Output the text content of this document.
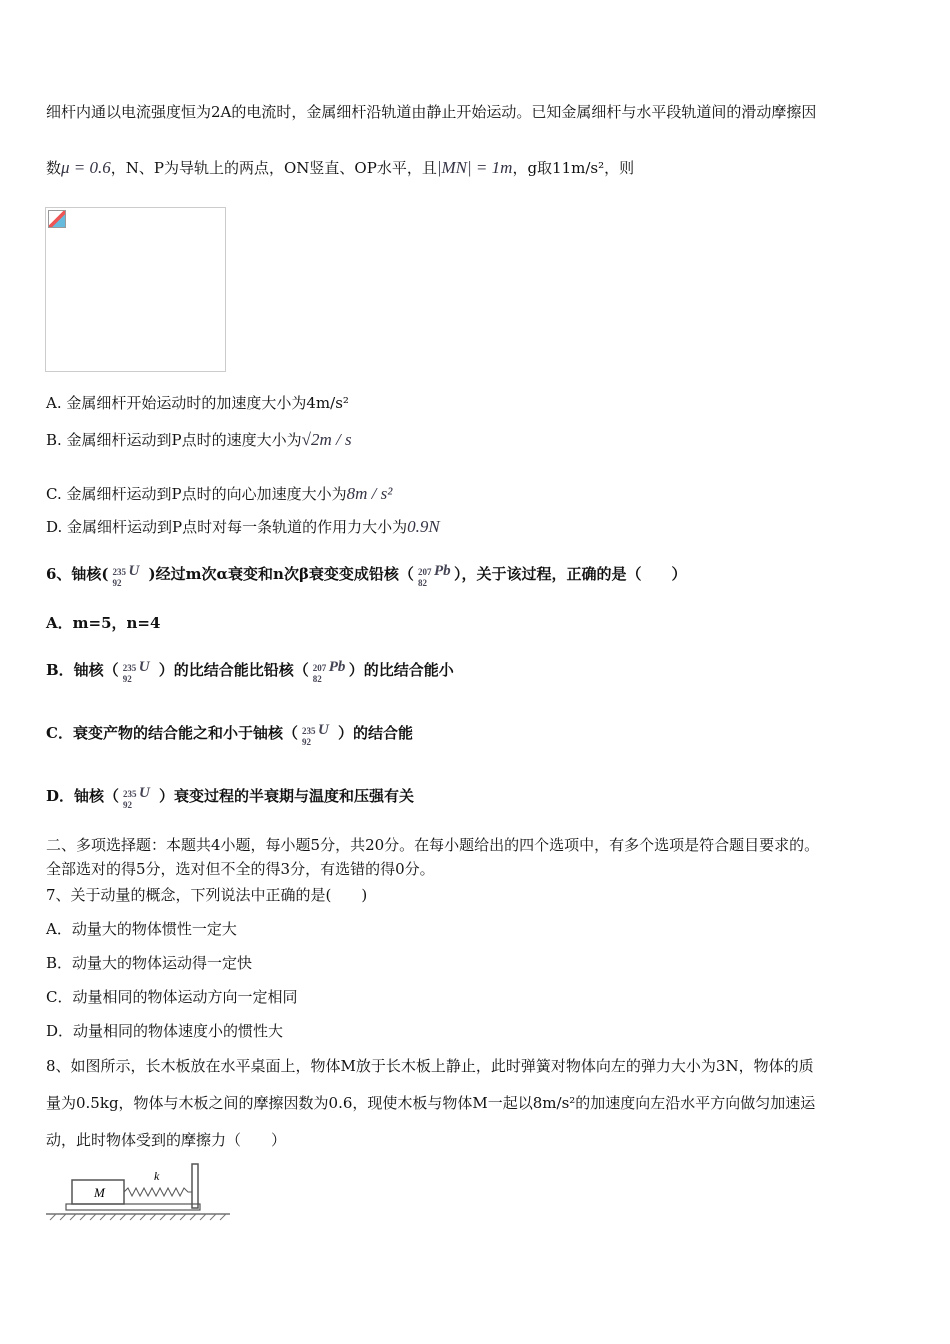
细杆内通以电流强度恒为2A的电流时，金属细杆沿轨道由静止开始运动。已知金属细杆与水平段轨道间的滑动摩擦因
数μ = 0.6，N、P为导轨上的两点，ON竖直、OP水平，且|MN| = 1m，g取11m/s²，则
A. 金属细杆开始运动时的加速度大小为4m/s²
B. 金属细杆运动到P点时的速度大小为√2m / s
C. 金属细杆运动到P点时的向心加速度大小为8m / s²
D. 金属细杆运动到P点时对每一条轨道的作用力大小为0.9N
6、铀核( 235
92
U )经过m次α衰变和n次β衰变变成铅核（ 207
82
Pb ），关于该过程，正确的是（　　）
A．m=5，n=4
B．铀核（ 235
92
U ）的比结合能比铅核（ 207
82
Pb ）的比结合能小
C．衰变产物的结合能之和小于铀核（ 235
92
U ）的结合能
D．铀核（ 235
92
U ）衰变过程的半衰期与温度和压强有关
二、多项选择题：本题共4小题，每小题5分，共20分。在每小题给出的四个选项中，有多个选项是符合题目要求的。
全部选对的得5分，选对但不全的得3分，有选错的得0分。
7、关于动量的概念，下列说法中正确的是(　　)
A．动量大的物体惯性一定大
B．动量大的物体运动得一定快
C．动量相同的物体运动方向一定相同
D．动量相同的物体速度小的惯性大
8、如图所示，长木板放在水平桌面上，物体M放于长木板上静止，此时弹簧对物体向左的弹力大小为3N，物体的质
量为0.5kg，物体与木板之间的摩擦因数为0.6，现使木板与物体M一起以8m/s²的加速度向左沿水平方向做匀加速运
动，此时物体受到的摩擦力（　　）
M
k
